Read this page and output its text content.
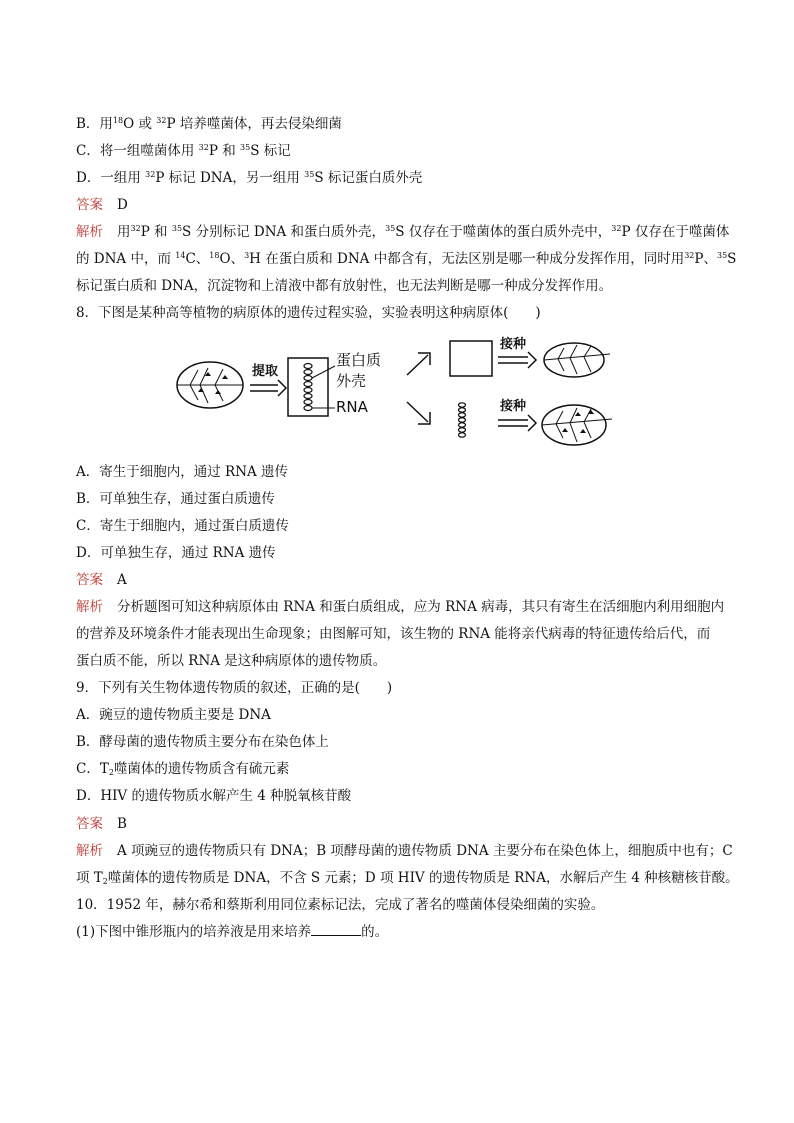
B．用$^{18}$O 或 $^{32}$P 培养噬菌体，再去侵染细菌
C．将一组噬菌体用 $^{32}$P 和 $^{35}$S 标记
D．一组用 $^{32}$P 标记 DNA，另一组用 $^{35}$S 标记蛋白质外壳
答案 D
解析 用$^{32}$P 和 $^{35}$S 分别标记 DNA 和蛋白质外壳，$^{35}$S 仅存在于噬菌体的蛋白质外壳中，$^{32}$P 仅存在于噬菌体
的 DNA 中，而 $^{14}$C、$^{18}$O、$^3$H 在蛋白质和 DNA 中都含有，无法区别是哪一种成分发挥作用，同时用$^{32}$P、$^{35}$S
标记蛋白质和 DNA，沉淀物和上清液中都有放射性，也无法判断是哪一种成分发挥作用。
8．下图是某种高等植物的病原体的遗传过程实验，实验表明这种病原体(　　)
提取
蛋白质
外壳
RNA
接种
接种
A．寄生于细胞内，通过 RNA 遗传
B．可单独生存，通过蛋白质遗传
C．寄生于细胞内，通过蛋白质遗传
D．可单独生存，通过 RNA 遗传
答案 A
解析 分析题图可知这种病原体由 RNA 和蛋白质组成，应为 RNA 病毒，其只有寄生在活细胞内利用细胞内
的营养及环境条件才能表现出生命现象；由图解可知，该生物的 RNA 能将亲代病毒的特征遗传给后代，而
蛋白质不能，所以 RNA 是这种病原体的遗传物质。
9．下列有关生物体遗传物质的叙述，正确的是(　　)
A．豌豆的遗传物质主要是 DNA
B．酵母菌的遗传物质主要分布在染色体上
C．$T_2$噬菌体的遗传物质含有硫元素
D．HIV 的遗传物质水解产生 4 种脱氧核苷酸
答案 B
解析 A 项豌豆的遗传物质只有 DNA；B 项酵母菌的遗传物质 DNA 主要分布在染色体上，细胞质中也有；C
项 $T_2$噬菌体的遗传物质是 DNA，不含 S 元素；D 项 HIV 的遗传物质是 RNA，水解后产生 4 种核糖核苷酸。
10．1952 年，赫尔希和蔡斯利用同位素标记法，完成了著名的噬菌体侵染细菌的实验。
(1)下图中锥形瓶内的培养液是用来培养	的。
